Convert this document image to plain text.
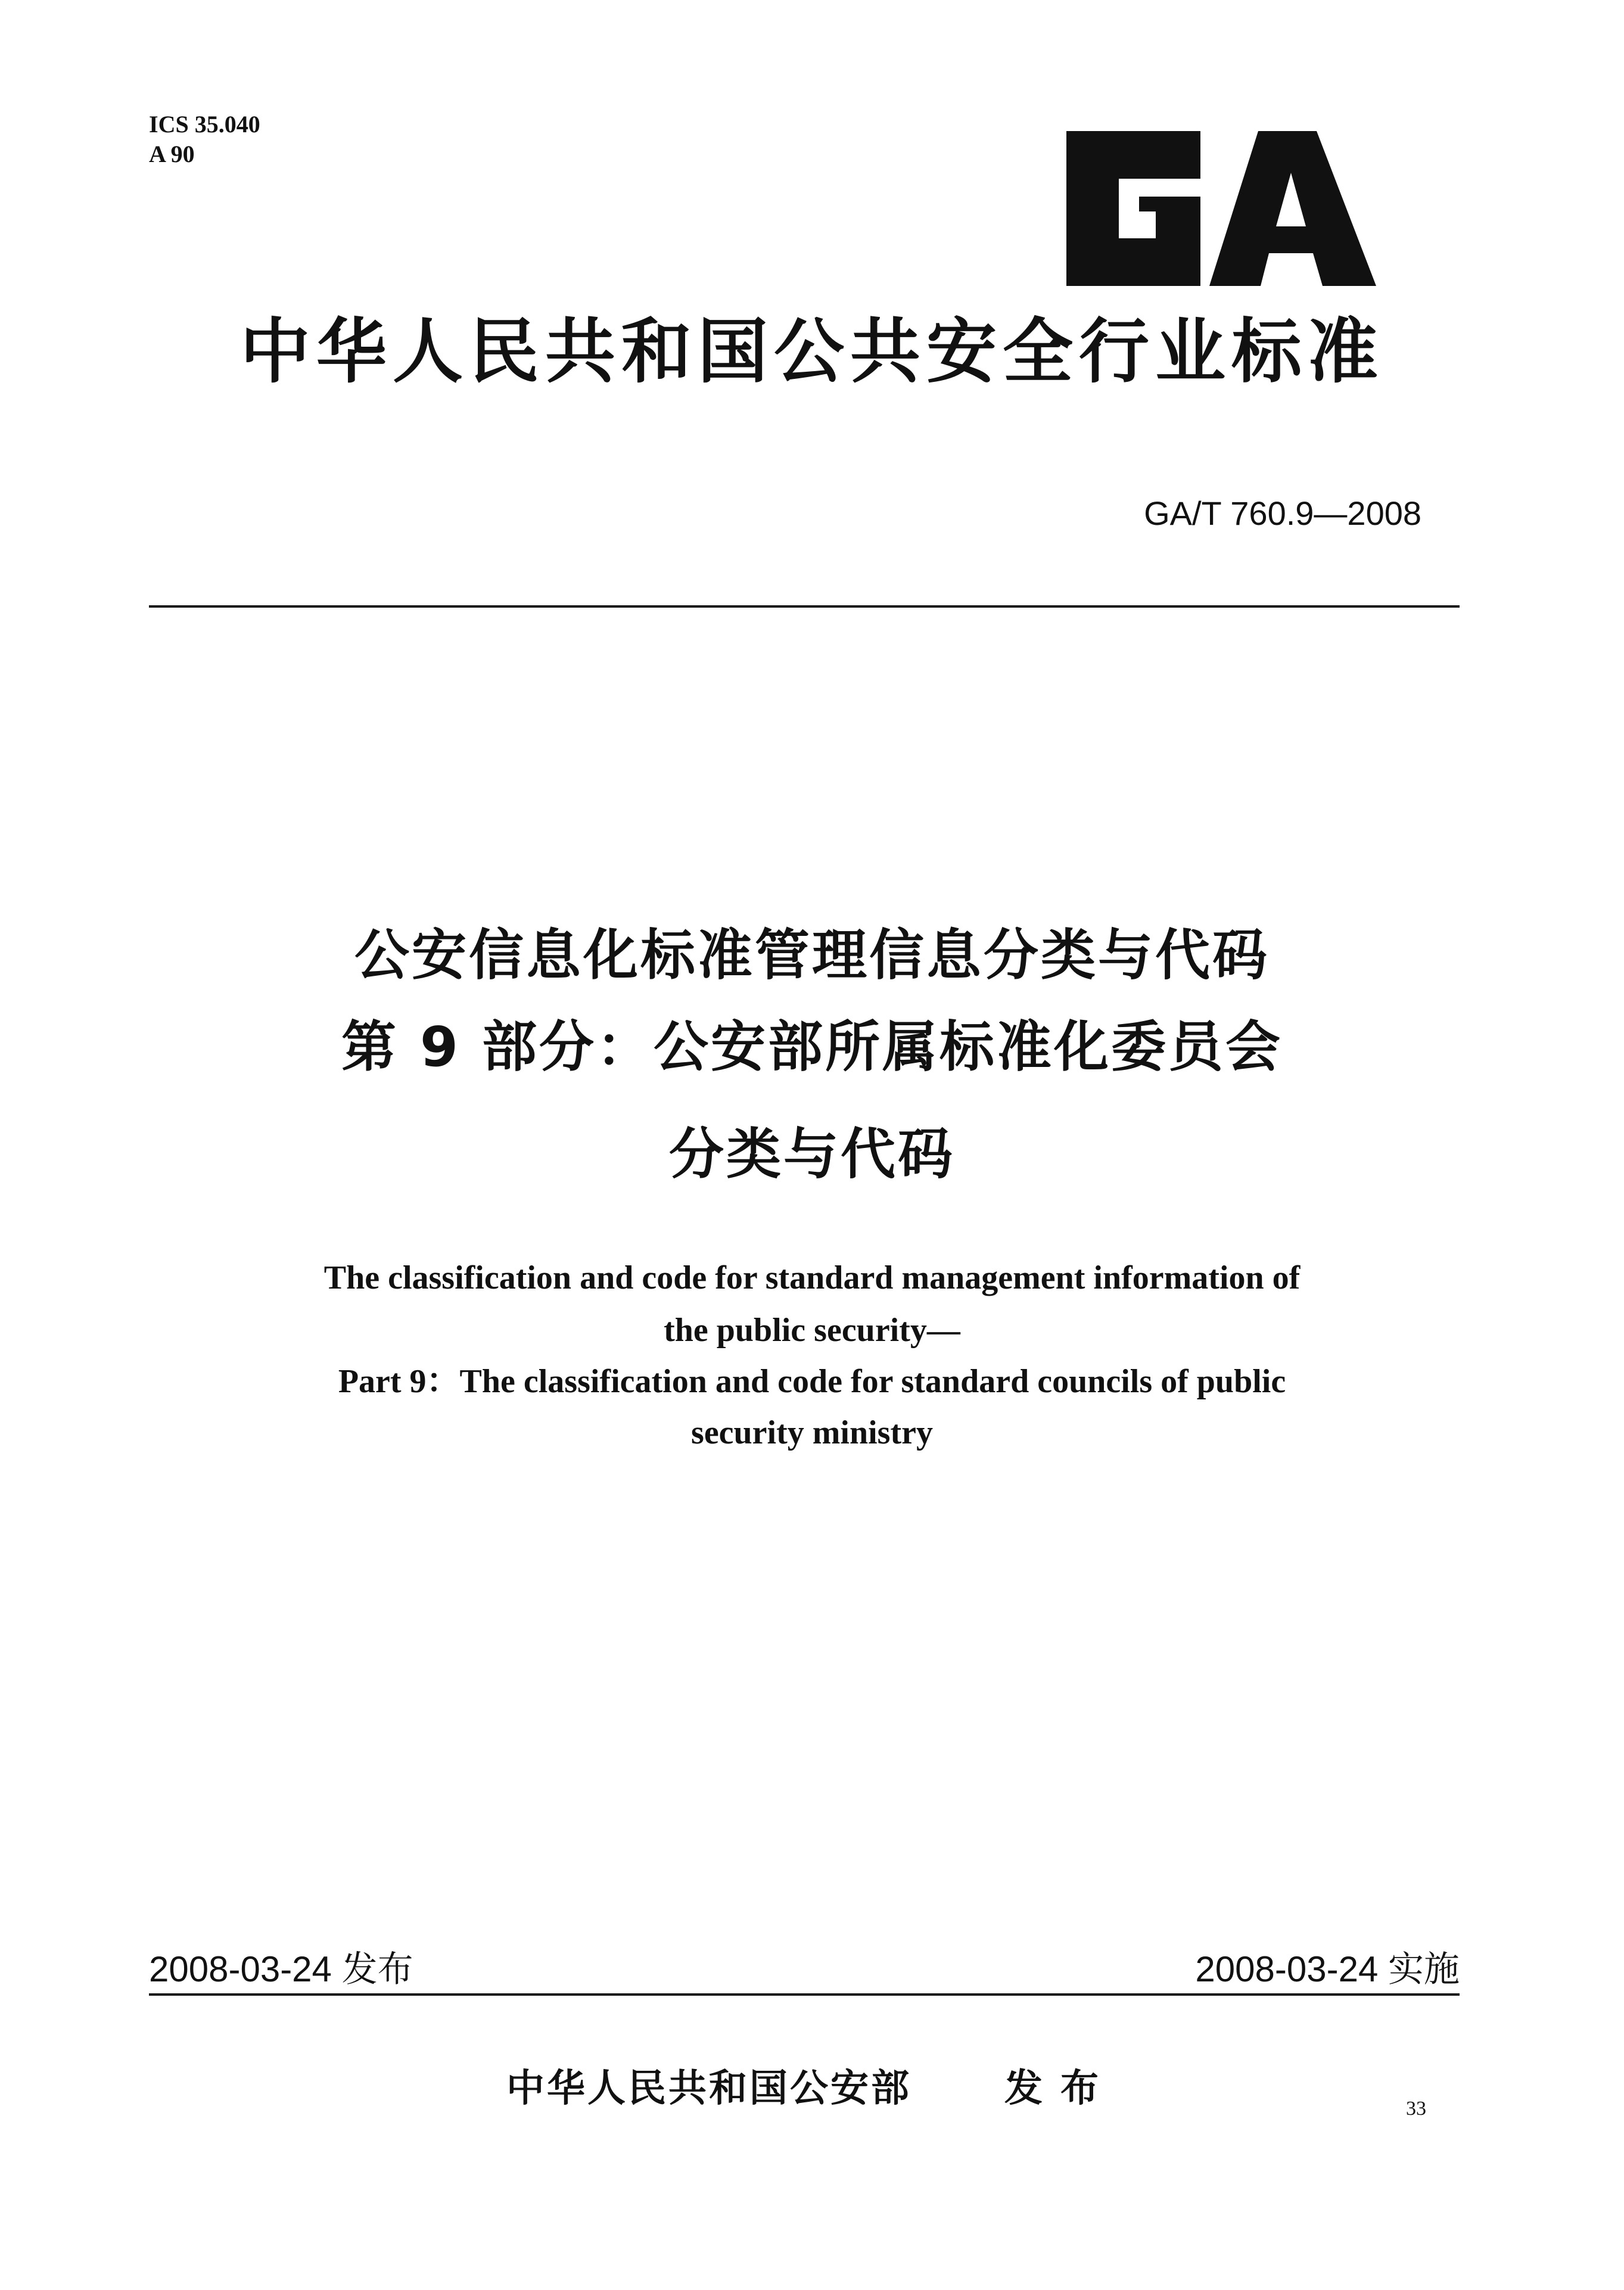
ICS 35.040
A 90
中华人民共和国公共安全行业标准
GA/T 760.9—2008
公安信息化标准管理信息分类与代码
第 9 部分：公安部所属标准化委员会
分类与代码
The classification and code for standard management information of
the public security—
Part 9：The classification and code for standard councils of public
security ministry
2008-03-24 发布	2008-03-24 实施
中华人民共和国公安部 发布	33
